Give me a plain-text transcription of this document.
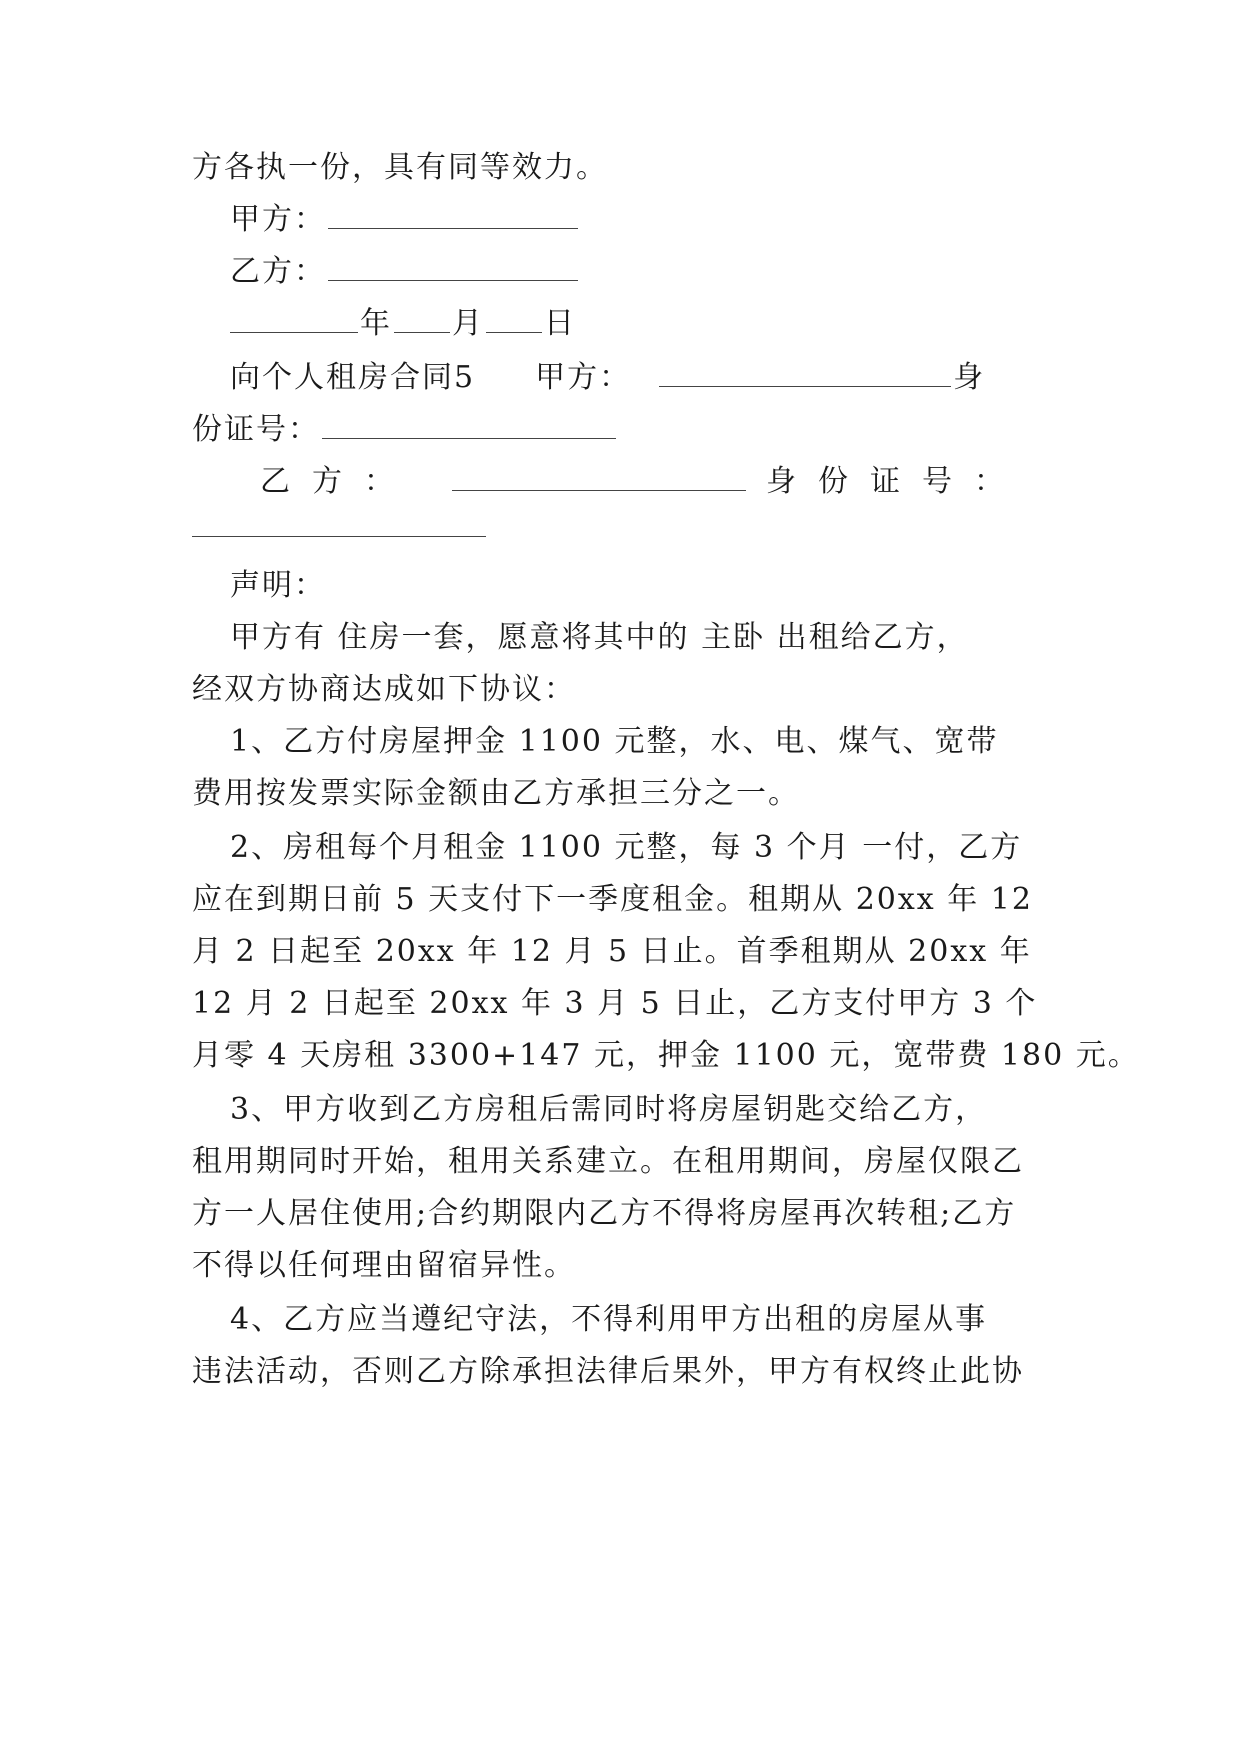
方各执一份，具有同等效力。
甲方：
乙方：
年 月 日
向个人租房合同5 甲方：	身
份证号：
乙方：	身份证号：
声明：
甲方有 住房一套，愿意将其中的 主卧 出租给乙方，
经双方协商达成如下协议：
1、乙方付房屋押金 1100 元整，水、电、煤气、宽带
费用按发票实际金额由乙方承担三分之一。
2、房租每个月租金 1100 元整，每 3 个月 一付，乙方
应在到期日前 5 天支付下一季度租金。租期从 20xx 年 12
月 2 日起至 20xx 年 12 月 5 日止。首季租期从 20xx 年
12 月 2 日起至 20xx 年 3 月 5 日止，乙方支付甲方 3 个
月零 4 天房租 3300+147 元，押金 1100 元，宽带费 180 元。
3、甲方收到乙方房租后需同时将房屋钥匙交给乙方，
租用期同时开始，租用关系建立。在租用期间，房屋仅限乙
方一人居住使用;合约期限内乙方不得将房屋再次转租;乙方
不得以任何理由留宿异性。
4、乙方应当遵纪守法，不得利用甲方出租的房屋从事
违法活动，否则乙方除承担法律后果外，甲方有权终止此协
